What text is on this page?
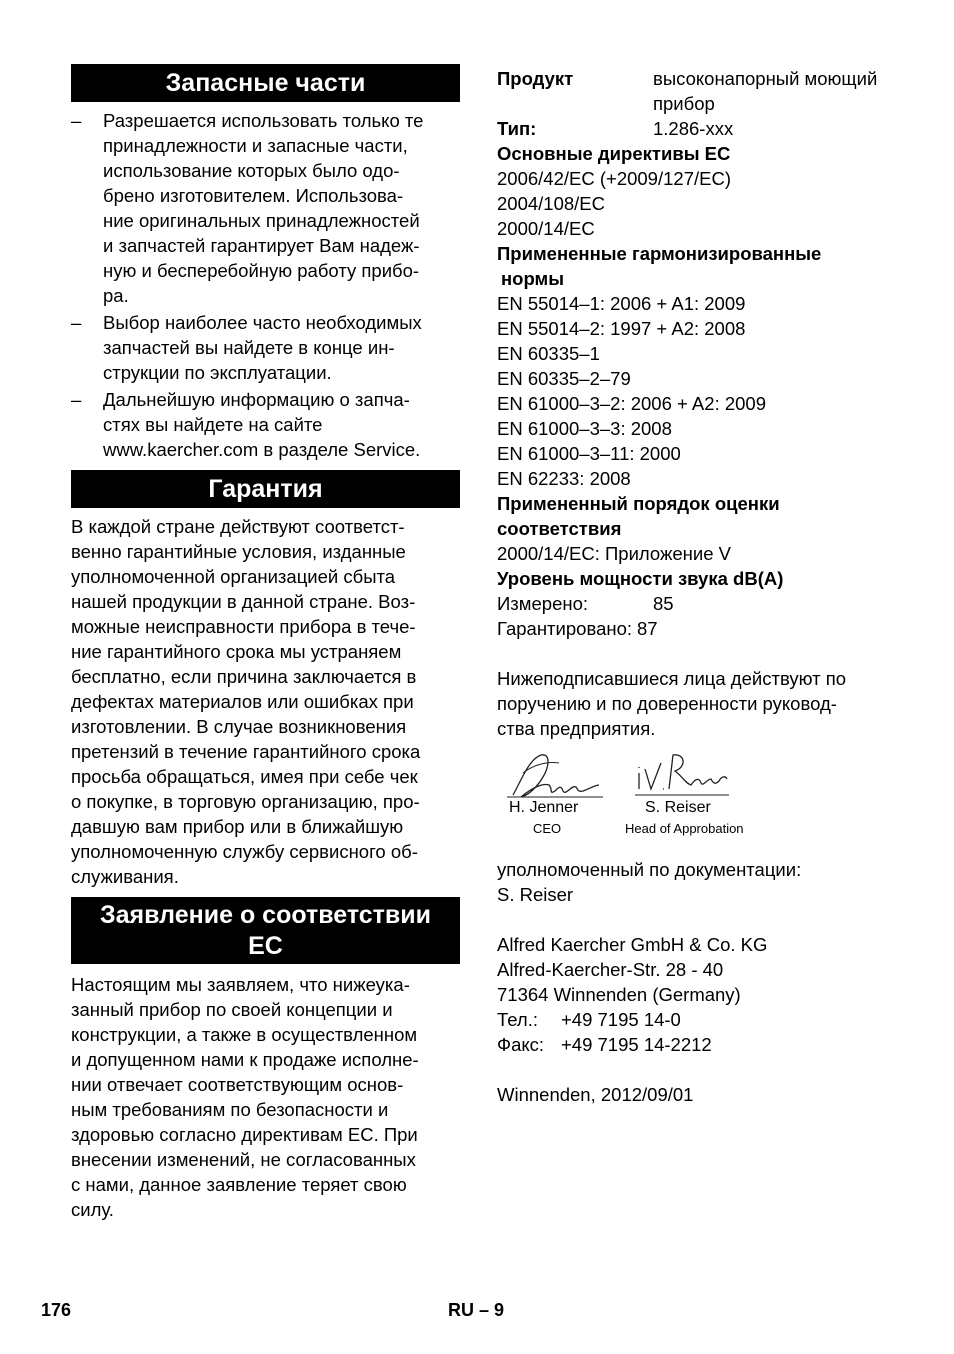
Запасные части
– Разрешается использовать только те
принадлежности и запасные части,
использование которых было одо-
брено изготовителем. Использова-
ние оригинальных принадлежностей
и запчастей гарантирует Вам надеж-
ную и бесперебойную работу прибо-
ра.
– Выбор наиболее часто необходимых
запчастей вы найдете в конце ин-
струкции по эксплуатации.
– Дальнейшую информацию о запча-
стях вы найдете на сайте
www.kaercher.com в разделе Service.
Гарантия
В каждой стране действуют соответст-
венно гарантийные условия, изданные
уполномоченной организацией сбыта
нашей продукции в данной стране. Воз-
можные неисправности прибора в тече-
ние гарантийного срока мы устраняем
бесплатно, если причина заключается в
дефектах материалов или ошибках при
изготовлении. В случае возникновения
претензий в течение гарантийного срока
просьба обращаться, имея при себе чек
о покупке, в торговую организацию, про-
давшую вам прибор или в ближайшую
уполномоченную службу сервисного об-
служивания.
Заявление о соответствии
ЕС
Настоящим мы заявляем, что нижеука-
занный прибор по своей концепции и
конструкции, а также в осуществленном
и допущенном нами к продаже исполне-
нии отвечает соответствующим основ-
ным требованиям по безопасности и
здоровью согласно директивам ЕС. При
внесении изменений, не согласованных
с нами, данное заявление теряет свою
силу.
Продукт	высоконапорный моющий
прибор
Тип:	1.286-xxx
Основные директивы ЕС
2006/42/EС (+2009/127/EC)
2004/108/ЕС
2000/14/EC
Примененные гармонизированные
нормы
EN 55014–1: 2006 + A1: 2009
EN 55014–2: 1997 + A2: 2008
EN 60335–1
EN 60335–2–79
EN 61000–3–2: 2006 + A2: 2009
EN 61000–3–3: 2008
EN 61000–3–11: 2000
EN 62233: 2008
Примененный порядок оценки
соответствия
2000/14/EC: Приложение V
Уровень мощности звука dB(A)
Измерено:	85
Гарантировано: 87
Нижеподписавшиеся лица действуют по
поручению и по доверенности руковод-
ства предприятия.
H. Jenner
CEO
S. Reiser
Head of Approbation
уполномоченный по документации:
S. Reiser
Alfred Kaercher GmbH & Co. KG
Alfred-Kaercher-Str. 28 - 40
71364 Winnenden (Germany)
Тел.:	+49 7195 14-0
Факс: +49 7195 14-2212
Winnenden, 2012/09/01
176	RU – 9
